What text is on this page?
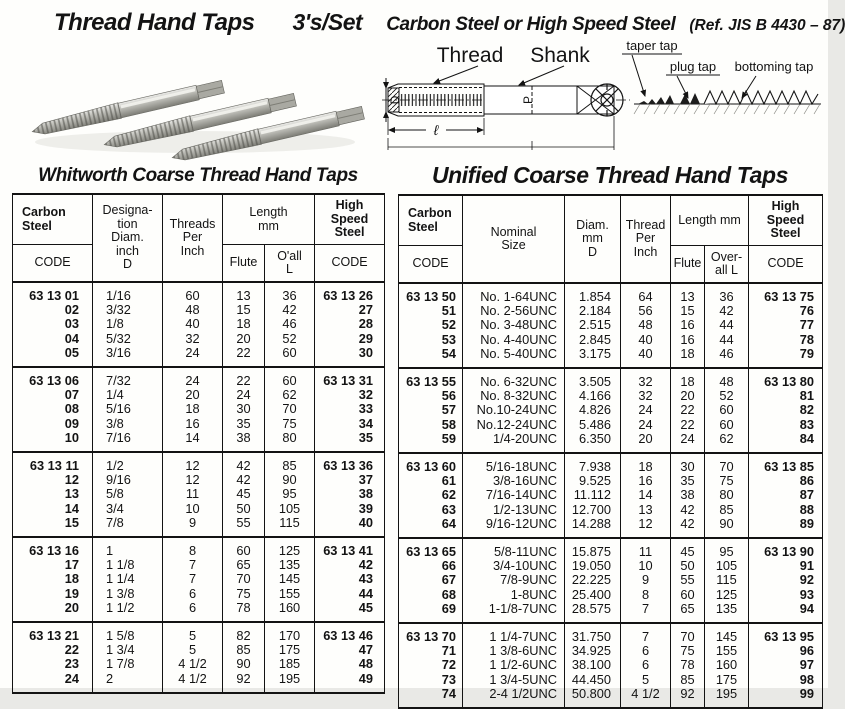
Thread Hand Taps 3's/Set Carbon Steel or High Speed Steel (Ref. JIS B 4430 – 87)
Thread Shank
P
D
ℓ
taper tap
plug tap bottoming tap
Whitworth Coarse Thread Hand Taps
Carbon
Steel	Designa-
tion
Diam.
inch
D	Threads
Per
Inch	Length
mm		High
Speed
Steel
CODE			Flute	O'all
L	CODE
63 13 01	1/16	60	13	36	63 13 26
02	3/32	48	15	42	27
03	1/8	40	18	46	28
04	5/32	32	20	52	29
05	3/16	24	22	60	30
63 13 06	7/32	24	22	60	63 13 31
07	1/4	20	24	62	32
08	5/16	18	30	70	33
09	3/8	16	35	75	34
10	7/16	14	38	80	35
63 13 11	1/2	12	42	85	63 13 36
12	9/16	12	42	90	37
13	5/8	11	45	95	38
14	3/4	10	50	105	39
15	7/8	9	55	115	40
63 13 16	1	8	60	125	63 13 41
17	1 1/8	7	65	135	42
18	1 1/4	7	70	145	43
19	1 3/8	6	75	155	44
20	1 1/2	6	78	160	45
63 13 21	1 5/8	5	82	170	63 13 46
22	1 3/4	5	85	175	47
23	1 7/8	4 1/2	90	185	48
24	2	4 1/2	92	195	49
Unified Coarse Thread Hand Taps
Carbon
Steel	Nominal
Size	Diam.
mm
D	Thread
Per
Inch	Length mm		High
Speed
Steel
CODE				Flute	Over-
all L	CODE
63 13 50	No. 1-64UNC	1.854	64	13	36	63 13 75
51	No. 2-56UNC	2.184	56	15	42	76
52	No. 3-48UNC	2.515	48	16	44	77
53	No. 4-40UNC	2.845	40	16	44	78
54	No. 5-40UNC	3.175	40	18	46	79
63 13 55	No. 6-32UNC	3.505	32	18	48	63 13 80
56	No. 8-32UNC	4.166	32	20	52	81
57	No.10-24UNC	4.826	24	22	60	82
58	No.12-24UNC	5.486	24	22	60	83
59	1/4-20UNC	6.350	20	24	62	84
63 13 60	5/16-18UNC	7.938	18	30	70	63 13 85
61	3/8-16UNC	9.525	16	35	75	86
62	7/16-14UNC	11.112	14	38	80	87
63	1/2-13UNC	12.700	13	42	85	88
64	9/16-12UNC	14.288	12	42	90	89
63 13 65	5/8-11UNC	15.875	11	45	95	63 13 90
66	3/4-10UNC	19.050	10	50	105	91
67	7/8-9UNC	22.225	9	55	115	92
68	1-8UNC	25.400	8	60	125	93
69	1-1/8-7UNC	28.575	7	65	135	94
63 13 70	1 1/4-7UNC	31.750	7	70	145	63 13 95
71	1 3/8-6UNC	34.925	6	75	155	96
72	1 1/2-6UNC	38.100	6	78	160	97
73	1 3/4-5UNC	44.450	5	85	175	98
74	2-4 1/2UNC	50.800	4 1/2	92	195	99
